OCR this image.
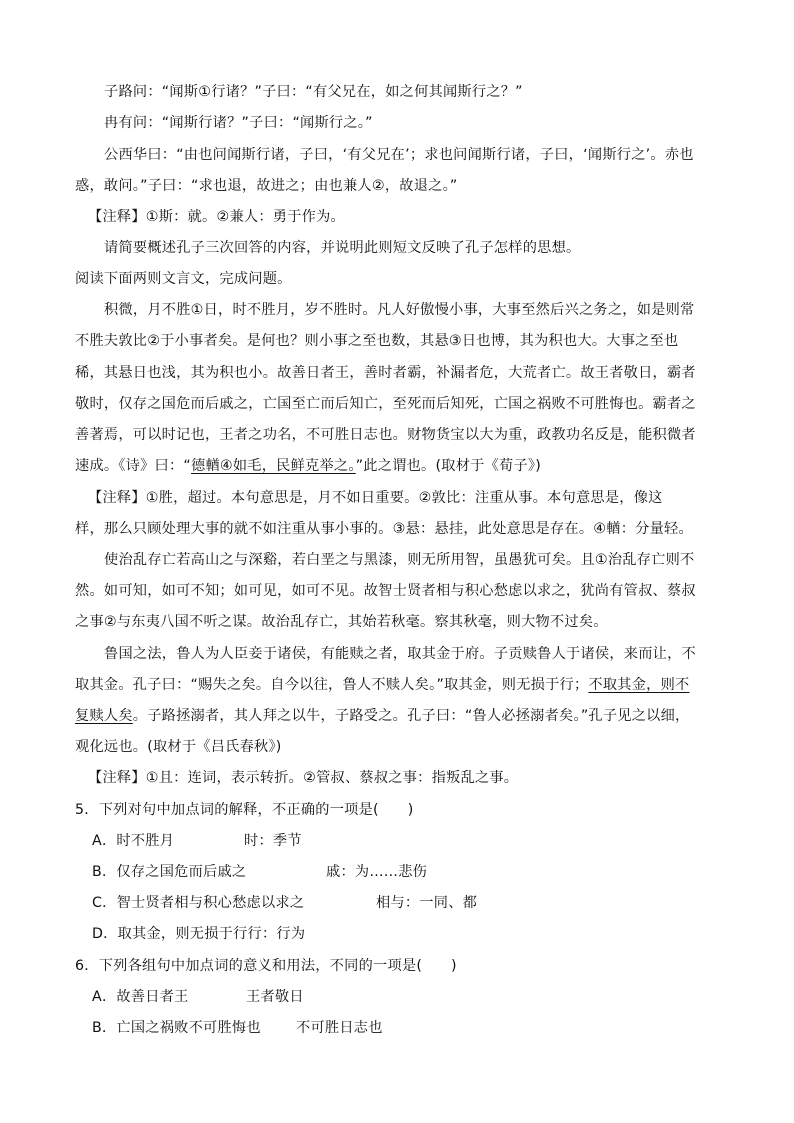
子路问：“闻斯①行诸？”子曰：“有父兄在，如之何其闻斯行之？”
冉有问：“闻斯行诸？”子曰：“闻斯行之。”
公西华曰：“由也问闻斯行诸，子曰，‘有父兄在’；求也问闻斯行诸，子曰，‘闻斯行之’。赤也
惑，敢问。”子曰：“求也退，故进之；由也兼人②，故退之。”
【注释】①斯：就。②兼人：勇于作为。
请简要概述孔子三次回答的内容，并说明此则短文反映了孔子怎样的思想。
阅读下面两则文言文，完成问题。
积微，月不胜①日，时不胜月，岁不胜时。凡人好傲慢小事，大事至然后兴之务之，如是则常
不胜夫敦比②于小事者矣。是何也？则小事之至也数，其悬③日也博，其为积也大。大事之至也
稀，其悬日也浅，其为积也小。故善日者王，善时者霸，补漏者危，大荒者亡。故王者敬日，霸者
敬时，仅存之国危而后戚之，亡国至亡而后知亡，至死而后知死，亡国之祸败不可胜悔也。霸者之
善著焉，可以时记也，王者之功名，不可胜日志也。财物货宝以大为重，政教功名反是，能积微者
速成。《诗》曰：“德輶④如毛，民鲜克举之。”此之谓也。(取材于《荀子》)
【注释】①胜，超过。本句意思是，月不如日重要。②敦比：注重从事。本句意思是，像这
样，那么只顾处理大事的就不如注重从事小事的。③悬：悬挂，此处意思是存在。④輶：分量轻。
使治乱存亡若高山之与深谿，若白垩之与黑漆，则无所用智，虽愚犹可矣。且①治乱存亡则不
然。如可知，如可不知；如可见，如可不见。故智士贤者相与积心愁虑以求之，犹尚有管叔、蔡叔
之事②与东夷八国不听之谋。故治乱存亡，其始若秋毫。察其秋毫，则大物不过矣。
鲁国之法，鲁人为人臣妾于诸侯，有能赎之者，取其金于府。子贡赎鲁人于诸侯，来而让，不
取其金。孔子曰：“赐失之矣。自今以往，鲁人不赎人矣。”取其金，则无损于行；不取其金，则不
复赎人矣。子路拯溺者，其人拜之以牛，子路受之。孔子曰：“鲁人必拯溺者矣。”孔子见之以细，
观化远也。(取材于《吕氏春秋》)
【注释】①且：连词，表示转折。②管叔、蔡叔之事：指叛乱之事。
5．下列对句中加点词的解释，不正确的一项是(　　)
A．时不胜月	时：季节
B．仅存之国危而后戚之	戚：为……悲伤
C．智士贤者相与积心愁虑以求之	相与：一同、都
D．取其金，则无损于行行：行为
6．下列各组句中加点词的意义和用法，不同的一项是(　　)
A．故善日者王	王者敬日
B．亡国之祸败不可胜悔也 不可胜日志也
